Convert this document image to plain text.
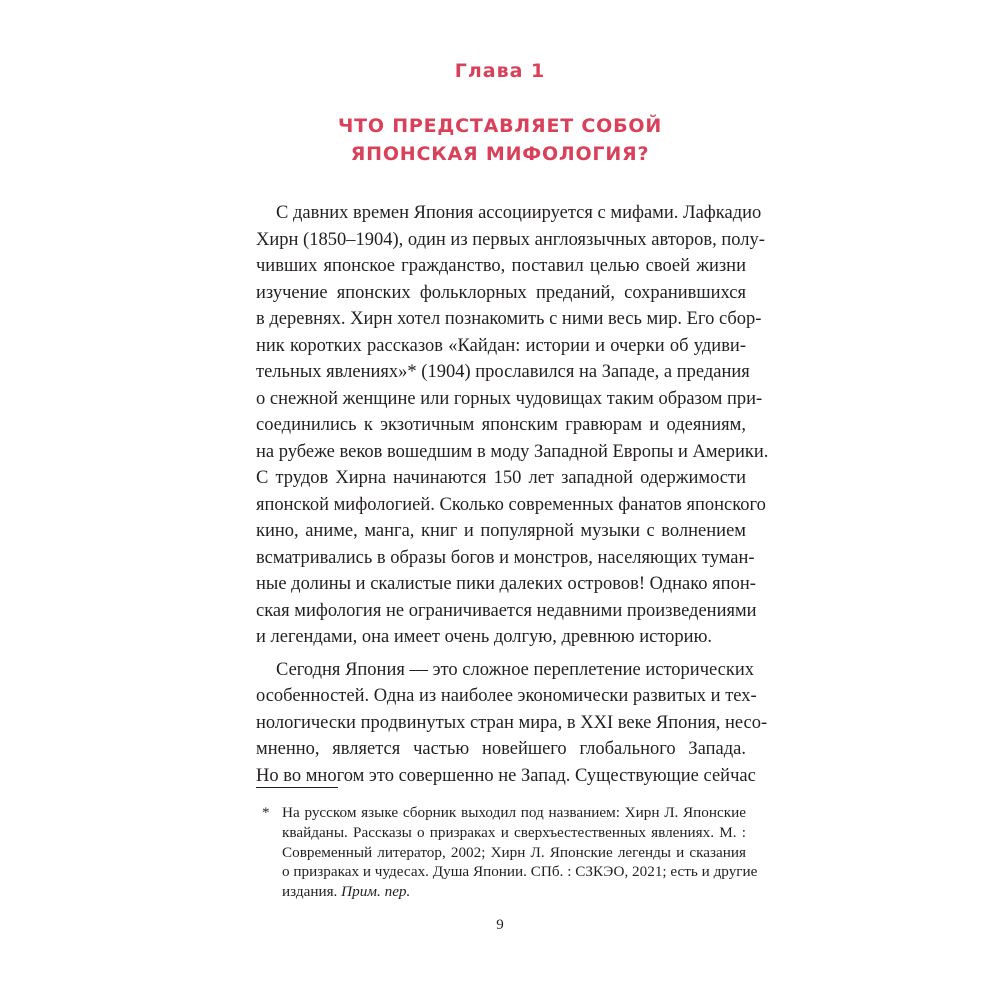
Глава 1
ЧТО ПРЕДСТАВЛЯЕТ СОБОЙ
ЯПОНСКАЯ МИФОЛОГИЯ?
С давних времен Япония ассоциируется с мифами. Лафкадио
Хирн (1850–1904), один из первых англоязычных авторов, полу-
чивших японское гражданство, поставил целью своей жизни
изучение японских фольклорных преданий, сохранившихся
в деревнях. Хирн хотел познакомить с ними весь мир. Его сбор-
ник коротких рассказов «Кайдан: истории и очерки об удиви-
тельных явлениях»* (1904) прославился на Западе, а предания
о снежной женщине или горных чудовищах таким образом при-
соединились к экзотичным японским гравюрам и одеяниям,
на рубеже веков вошедшим в моду Западной Европы и Америки.
С трудов Хирна начинаются 150 лет западной одержимости
японской мифологией. Сколько современных фанатов японского
кино, аниме, манга, книг и популярной музыки с волнением
всматривались в образы богов и монстров, населяющих туман-
ные долины и скалистые пики далеких островов! Однако япон-
ская мифология не ограничивается недавними произведениями
и легендами, она имеет очень долгую, древнюю историю.
Сегодня Япония — это сложное переплетение исторических
особенностей. Одна из наиболее экономически развитых и тех-
нологически продвинутых стран мира, в XXI веке Япония, несо-
мненно, является частью новейшего глобального Запада.
Но во многом это совершенно не Запад. Существующие сейчас
* На русском языке сборник выходил под названием: Хирн Л. Японские
квайданы. Рассказы о призраках и сверхъестественных явлениях. М. :
Современный литератор, 2002; Хирн Л. Японские легенды и сказания
о призраках и чудесах. Душа Японии. СПб. : СЗКЭО, 2021; есть и другие
издания. Прим. пер.
9
